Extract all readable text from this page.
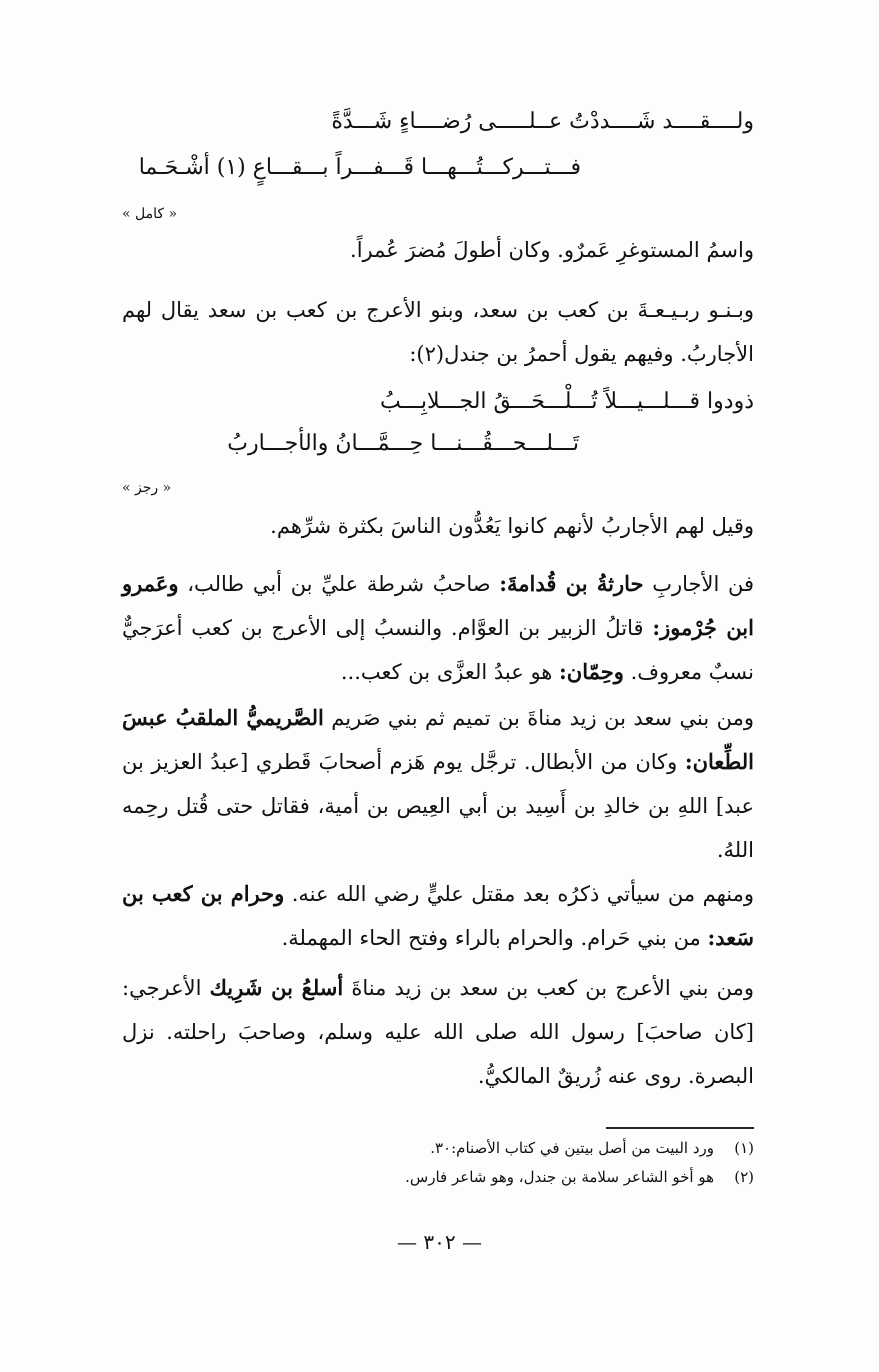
ولــــقــــد شَــــددْتُ عــلـــــى رُضــــاءٍ شَـــدَّةً
فـــتـــركـــتُـــهـــا قَـــفـــراً بـــقـــاعٍ (١) أشْـحَـما
« كامل »

واسمُ المستوغرِ عَمرٌو. وكان أطولَ مُضرَ عُمراً.

وبـنـو ربـيـعـةَ بن كعب بن سعد، وبنو الأعرج بن كعب بن سعد يقال لهم الأجاربُ. وفيهم يقول أحمرُ بن جندل(٢):

ذودوا قـــلـــيـــلاً تُـــلْـــحَـــقُ الجـــلابِـــبُ
تَـــلـــحـــقُـــنـــا حِـــمَّـــانُ والأجـــاربُ
« رجز »

وقيل لهم الأجاربُ لأنهم كانوا يَعُدُّون الناسَ بكثرة شرِّهم.

فن الأجاربِ حارثةُ بن قُدامةَ: صاحبُ شرطة عليِّ بن أبي طالب، وعَمرو ابن جُرْموز: قاتلُ الزبير بن العوَّام. والنسبُ إلى الأعرج بن كعب أعرَجيٌّ نسبٌ معروف. وحِمّان: هو عبدُ العزَّى بن كعب...
ومن بني سعد بن زيد مناةَ بن تميم ثم بني صَريم الصَّريميُّ الملقبُ عبسَ الطِّعان: وكان من الأبطال. ترجَّل يوم هَزم أصحابَ قَطري [عبدُ العزيز بن عبد] اللهِ بن خالدِ بن أَسِيد بن أبي العِيص بن أمية، فقاتل حتى قُتل رحِمه اللهُ.
ومنهم من سيأتي ذكرُه بعد مقتل عليٍّ رضي الله عنه. وحرام بن كعب بن سَعد: من بني حَرام. والحرام بالراء وفتح الحاء المهملة.
ومن بني الأعرج بن كعب بن سعد بن زيد مناةَ أسلعُ بن شَرِيك الأعرجي: [كان صاحبَ] رسول الله صلى الله عليه وسلم، وصاحبَ راحلته. نزل البصرة. روى عنه زُريقٌ المالكيُّ.
(١)ورد البيت من أصل بيتين في كتاب الأصنام:٣٠.
(٢)هو أخو الشاعر سلامة بن جندل، وهو شاعر فارس.
— ٣٠٢ —
